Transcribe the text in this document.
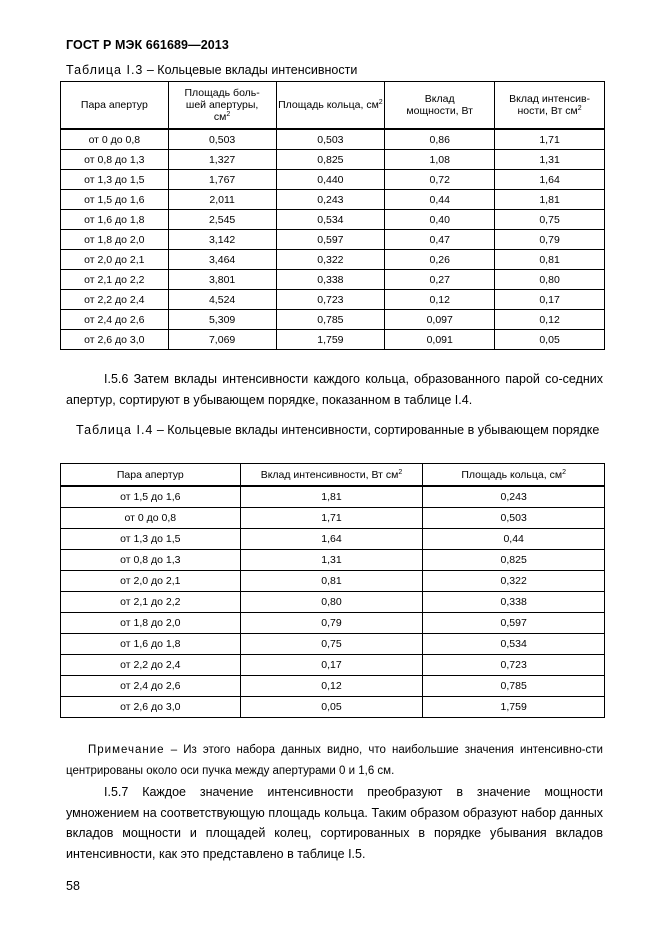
ГОСТ Р МЭК 661689—2013
Таблица I.3 – Кольцевые вклады интенсивности
Пара апертур	Площадь боль-шей апертуры, $см^2$	Площадь кольца, $см^2$	Вклад мощности, Вт	Вклад интенсив-ности, Вт $см^2$
от 0 до 0,8	0,503	0,503	0,86	1,71
от 0,8 до 1,3	1,327	0,825	1,08	1,31
от 1,3 до 1,5	1,767	0,440	0,72	1,64
от 1,5 до 1,6	2,011	0,243	0,44	1,81
от 1,6 до 1,8	2,545	0,534	0,40	0,75
от 1,8 до 2,0	3,142	0,597	0,47	0,79
от 2,0 до 2,1	3,464	0,322	0,26	0,81
от 2,1 до 2,2	3,801	0,338	0,27	0,80
от 2,2 до 2,4	4,524	0,723	0,12	0,17
от 2,4 до 2,6	5,309	0,785	0,097	0,12
от 2,6 до 3,0	7,069	1,759	0,091	0,05
I.5.6 Затем вклады интенсивности каждого кольца, образованного парой со-седних апертур, сортируют в убывающем порядке, показанном в таблице I.4.
Таблица I.4 – Кольцевые вклады интенсивности, сортированные в убывающем порядке
Пара апертур	Вклад интенсивности, Вт $см^2$	Площадь кольца, $см^2$
от 1,5 до 1,6	1,81	0,243
от 0 до 0,8	1,71	0,503
от 1,3 до 1,5	1,64	0,44
от 0,8 до 1,3	1,31	0,825
от 2,0 до 2,1	0,81	0,322
от 2,1 до 2,2	0,80	0,338
от 1,8 до 2,0	0,79	0,597
от 1,6 до 1,8	0,75	0,534
от 2,2 до 2,4	0,17	0,723
от 2,4 до 2,6	0,12	0,785
от 2,6 до 3,0	0,05	1,759
Примечание – Из этого набора данных видно, что наибольшие значения интенсивно-сти центрированы около оси пучка между апертурами 0 и 1,6 см.
I.5.7 Каждое значение интенсивности преобразуют в значение мощности умножением на соответствующую площадь кольца. Таким образом образуют набор данных вкладов мощности и площадей колец, сортированных в порядке убывания вкладов интенсивности, как это представлено в таблице I.5.
58
